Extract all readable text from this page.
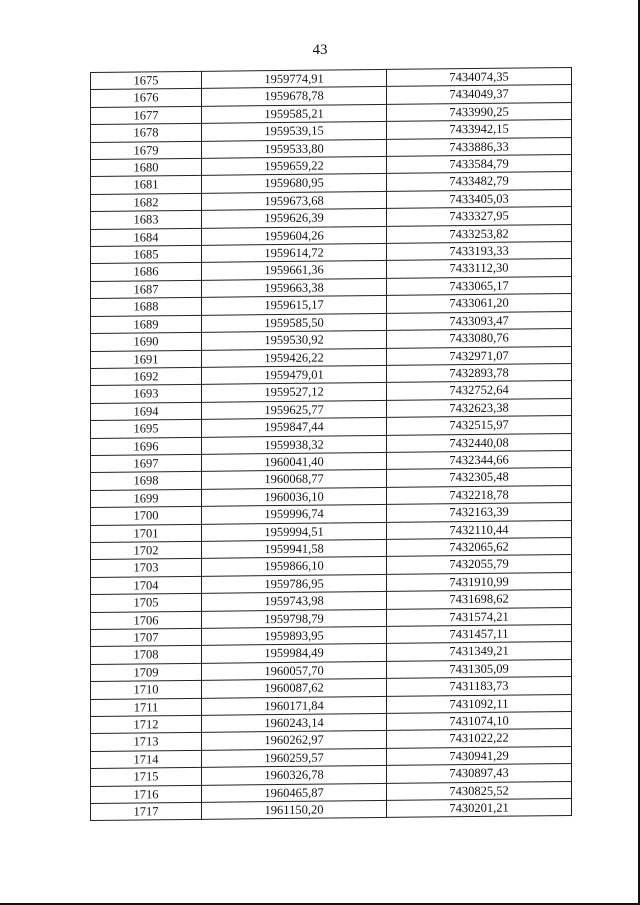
43
1675	1959774,91	7434074,35
1676	1959678,78	7434049,37
1677	1959585,21	7433990,25
1678	1959539,15	7433942,15
1679	1959533,80	7433886,33
1680	1959659,22	7433584,79
1681	1959680,95	7433482,79
1682	1959673,68	7433405,03
1683	1959626,39	7433327,95
1684	1959604,26	7433253,82
1685	1959614,72	7433193,33
1686	1959661,36	7433112,30
1687	1959663,38	7433065,17
1688	1959615,17	7433061,20
1689	1959585,50	7433093,47
1690	1959530,92	7433080,76
1691	1959426,22	7432971,07
1692	1959479,01	7432893,78
1693	1959527,12	7432752,64
1694	1959625,77	7432623,38
1695	1959847,44	7432515,97
1696	1959938,32	7432440,08
1697	1960041,40	7432344,66
1698	1960068,77	7432305,48
1699	1960036,10	7432218,78
1700	1959996,74	7432163,39
1701	1959994,51	7432110,44
1702	1959941,58	7432065,62
1703	1959866,10	7432055,79
1704	1959786,95	7431910,99
1705	1959743,98	7431698,62
1706	1959798,79	7431574,21
1707	1959893,95	7431457,11
1708	1959984,49	7431349,21
1709	1960057,70	7431305,09
1710	1960087,62	7431183,73
1711	1960171,84	7431092,11
1712	1960243,14	7431074,10
1713	1960262,97	7431022,22
1714	1960259,57	7430941,29
1715	1960326,78	7430897,43
1716	1960465,87	7430825,52
1717	1961150,20	7430201,21
